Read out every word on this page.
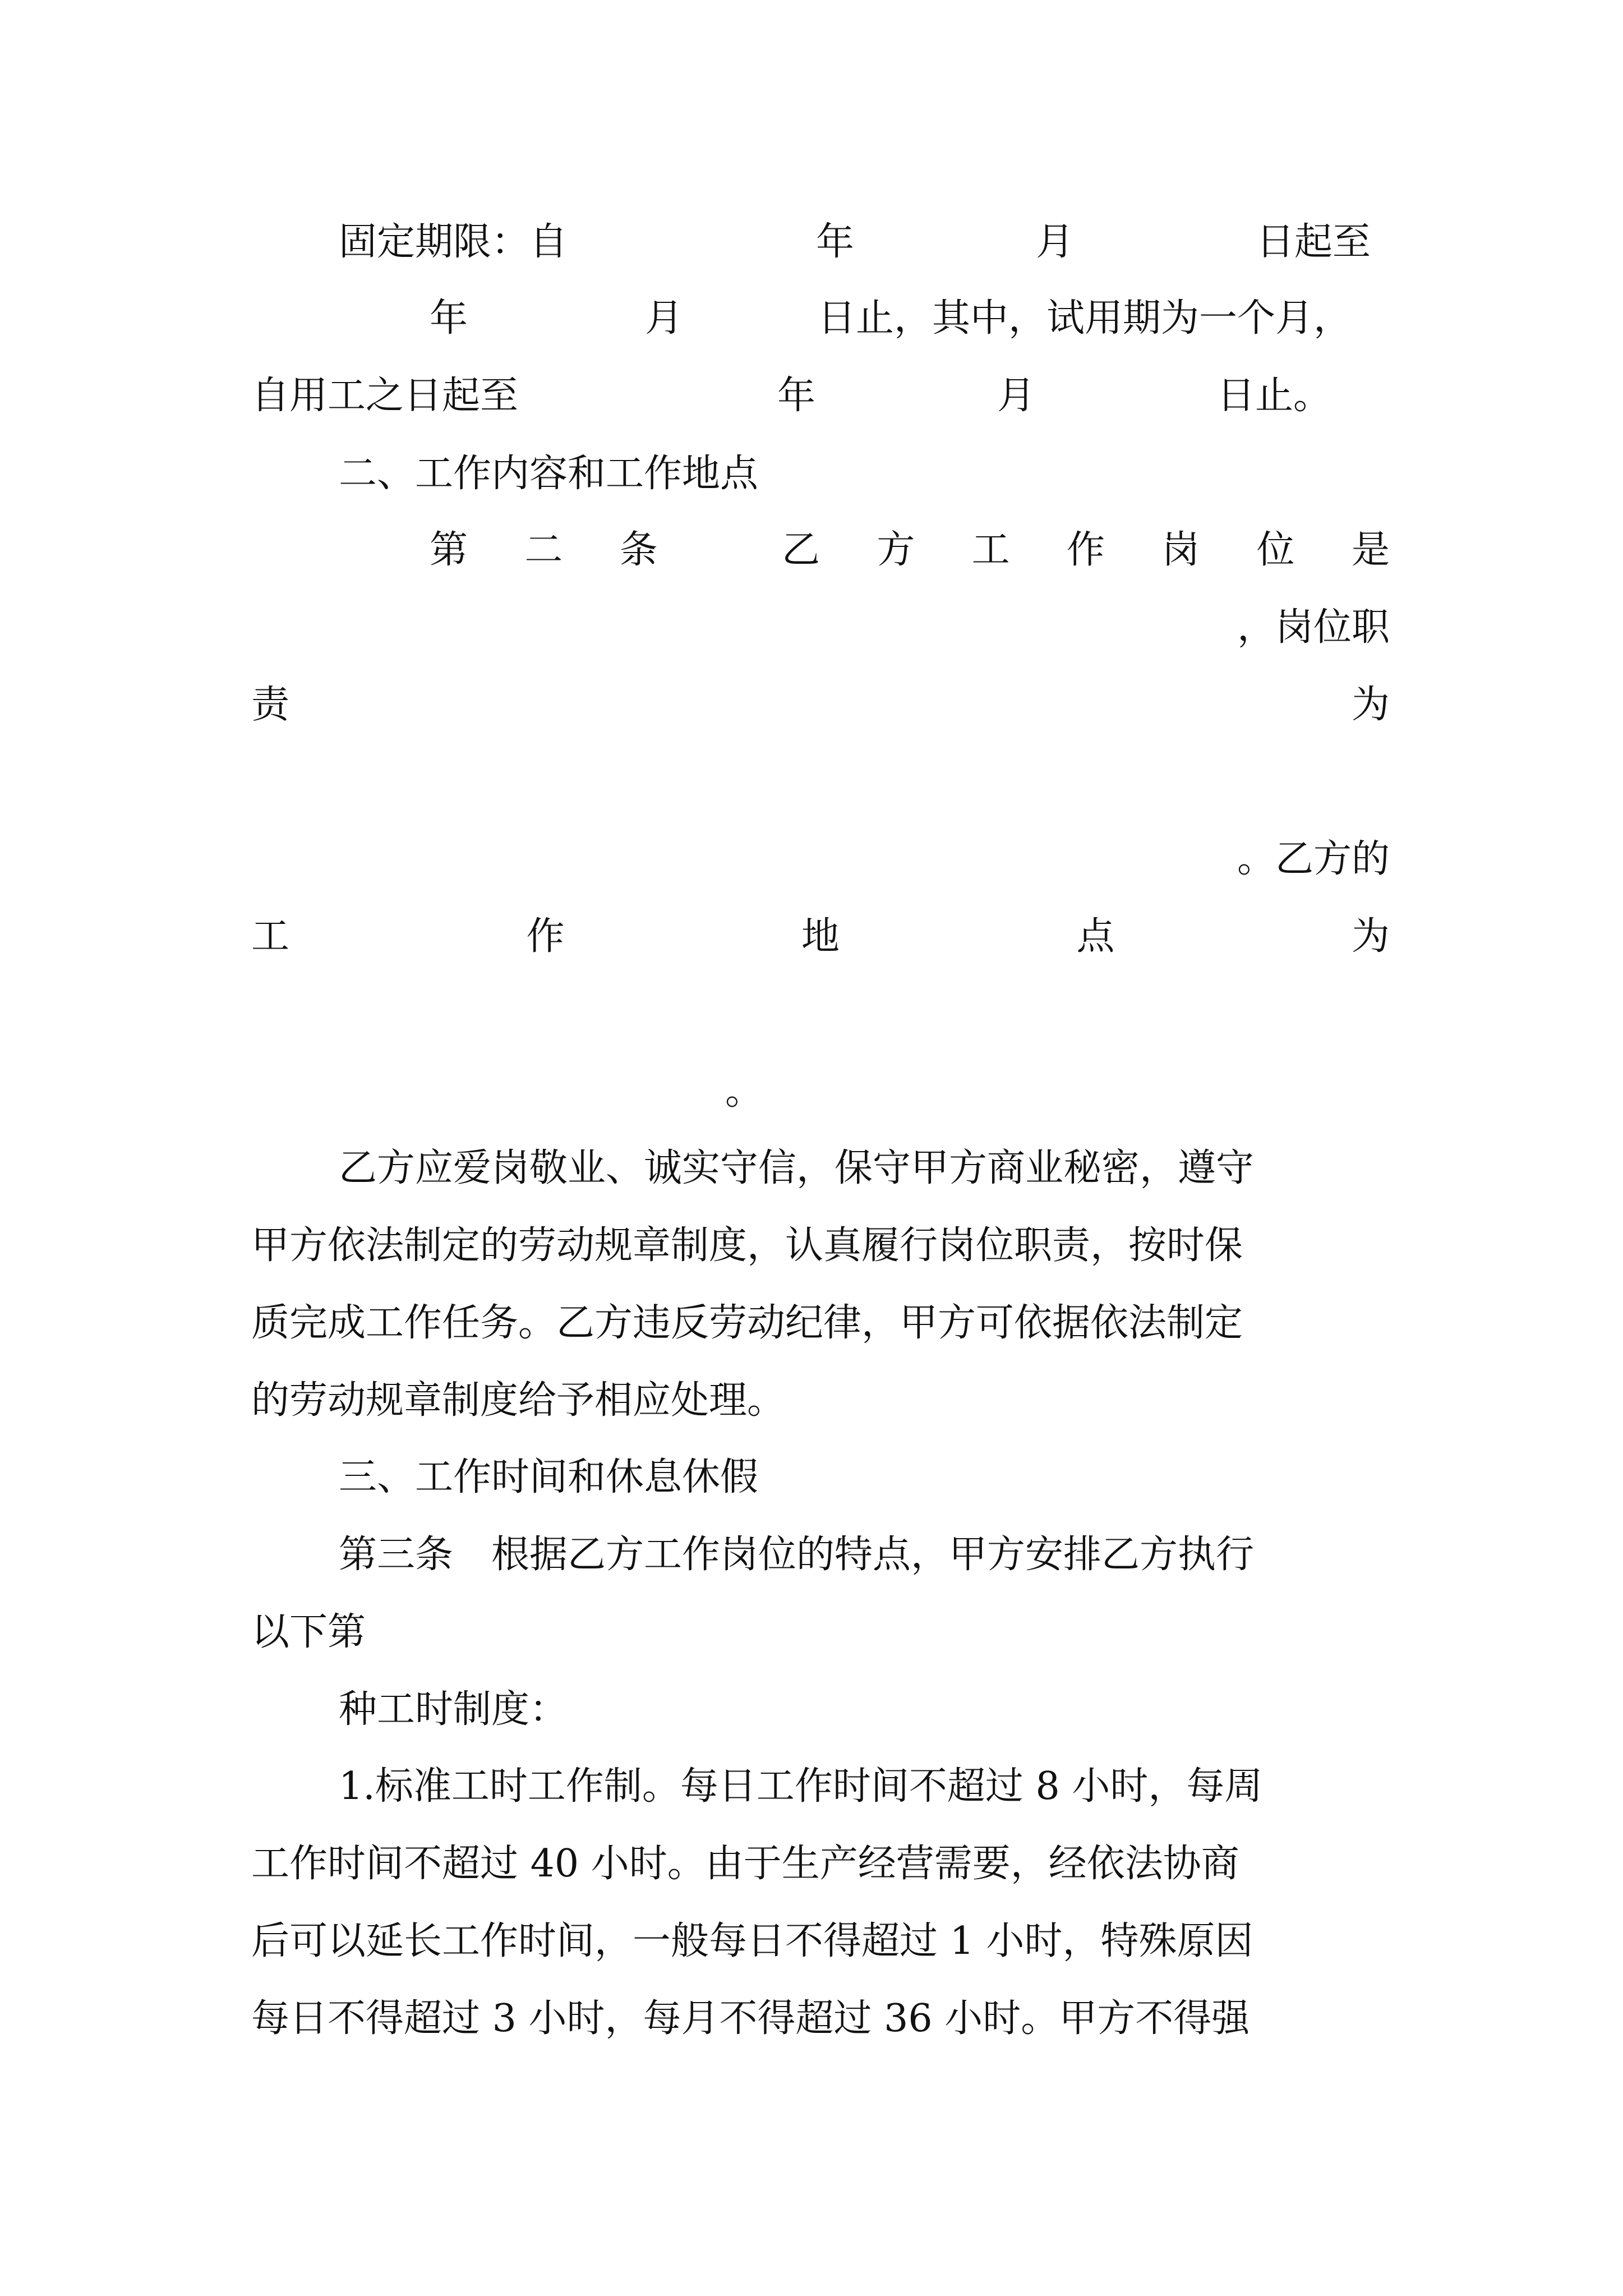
固定期限：自	年	月	日起至
年	月	日止，其中，试用期为一个月，
自用工之日起至	年	月	日止。
二、工作内容和工作地点
第 二 条	乙 方 工 作 岗 位 是
，岗位职
责	为
。乙方的
工	作	地	点	为
。
乙方应爱岗敬业、诚实守信，保守甲方商业秘密，遵守
甲方依法制定的劳动规章制度，认真履行岗位职责，按时保
质完成工作任务。乙方违反劳动纪律，甲方可依据依法制定
的劳动规章制度给予相应处理。
三、工作时间和休息休假
第三条　根据乙方工作岗位的特点，甲方安排乙方执行
以下第
种工时制度：
1.标准工时工作制。每日工作时间不超过 8 小时，每周
工作时间不超过 40 小时。由于生产经营需要，经依法协商
后可以延长工作时间，一般每日不得超过 1 小时，特殊原因
每日不得超过 3 小时，每月不得超过 36 小时。甲方不得强
